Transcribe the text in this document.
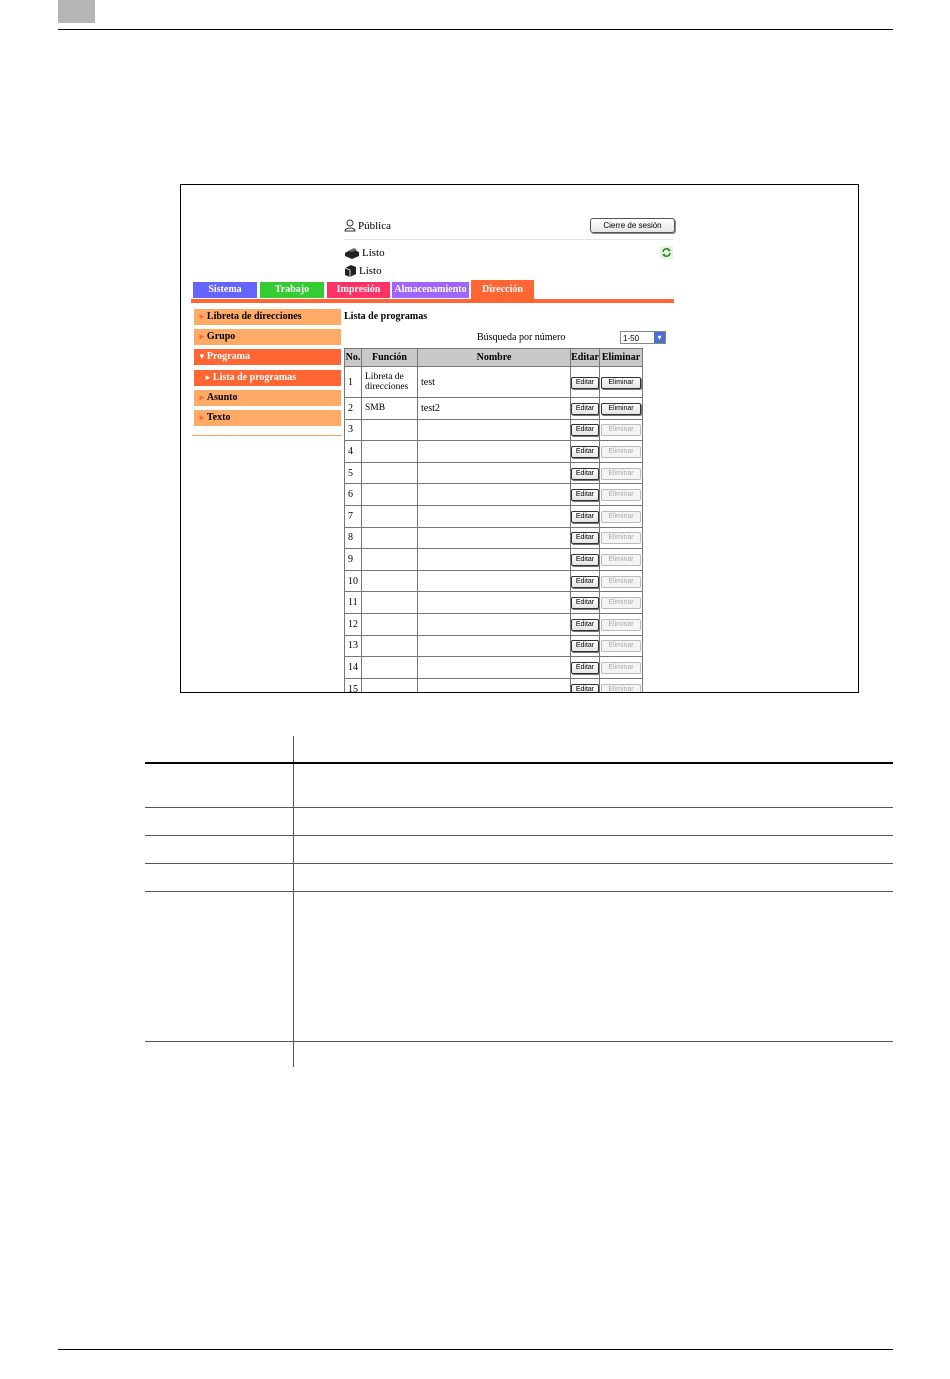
Pública	Cierre de sesión
Listo
Listo
Sistema	Trabajo	Impresión	Almacenamiento	Dirección
►Libreta de direcciones
►Grupo
▼Programa
►Lista de programas
►Asunto
►Texto
Lista de programas
Búsqueda por número	1-50	▾
No.	Función	Nombre	Editar	Eliminar
1	Libreta de direcciones	test	Editar	Eliminar
2	SMB	test2	Editar	Eliminar
3			Editar	Eliminar
4			Editar	Eliminar
5			Editar	Eliminar
6			Editar	Eliminar
7			Editar	Eliminar
8			Editar	Eliminar
9			Editar	Eliminar
10			Editar	Eliminar
11			Editar	Eliminar
12			Editar	Eliminar
13			Editar	Eliminar
14			Editar	Eliminar
15			Editar	Eliminar
